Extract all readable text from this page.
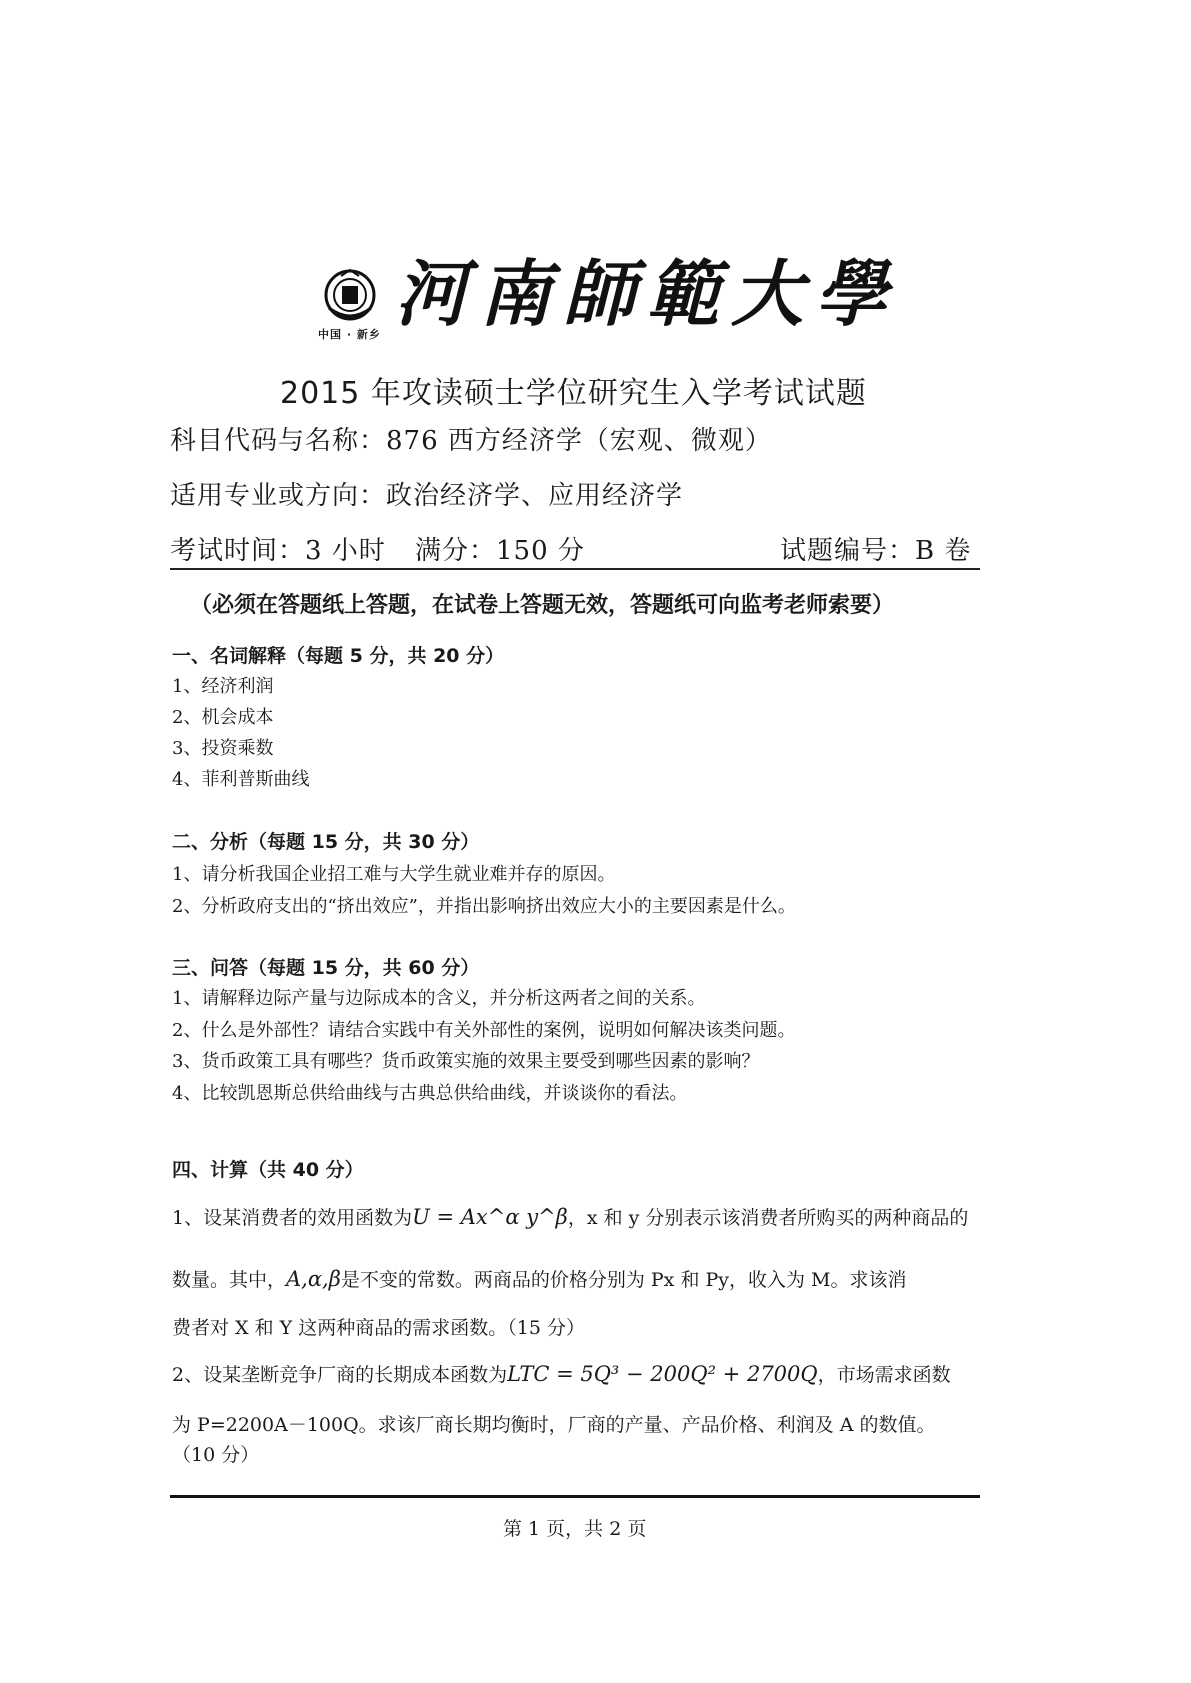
中国 · 新乡 河南師範大學
2015 年攻读硕士学位研究生入学考试试题
科目代码与名称：876 西方经济学（宏观、微观）
适用专业或方向：政治经济学、应用经济学
考试时间：3 小时 满分：150 分	试题编号：B 卷
（必须在答题纸上答题，在试卷上答题无效，答题纸可向监考老师索要）
一、名词解释（每题 5 分，共 20 分）
1、经济利润
2、机会成本
3、投资乘数
4、菲利普斯曲线
二、分析（每题 15 分，共 30 分）
1、请分析我国企业招工难与大学生就业难并存的原因。
2、分析政府支出的“挤出效应”，并指出影响挤出效应大小的主要因素是什么。
三、问答（每题 15 分，共 60 分）
1、请解释边际产量与边际成本的含义，并分析这两者之间的关系。
2、什么是外部性？请结合实践中有关外部性的案例，说明如何解决该类问题。
3、货币政策工具有哪些？货币政策实施的效果主要受到哪些因素的影响？
4、比较凯恩斯总供给曲线与古典总供给曲线，并谈谈你的看法。
四、计算（共 40 分）
1、设某消费者的效用函数为U = Ax^α y^β，x 和 y 分别表示该消费者所购买的两种商品的
数量。其中，A,α,β是不变的常数。两商品的价格分别为 Px 和 Py，收入为 M。求该消
费者对 X 和 Y 这两种商品的需求函数。（15 分）
2、设某垄断竞争厂商的长期成本函数为LTC = 5Q³ − 200Q² + 2700Q，市场需求函数
为 P=2200A－100Q。求该厂商长期均衡时，厂商的产量、产品价格、利润及 A 的数值。
（10 分）
第 1 页，共 2 页
